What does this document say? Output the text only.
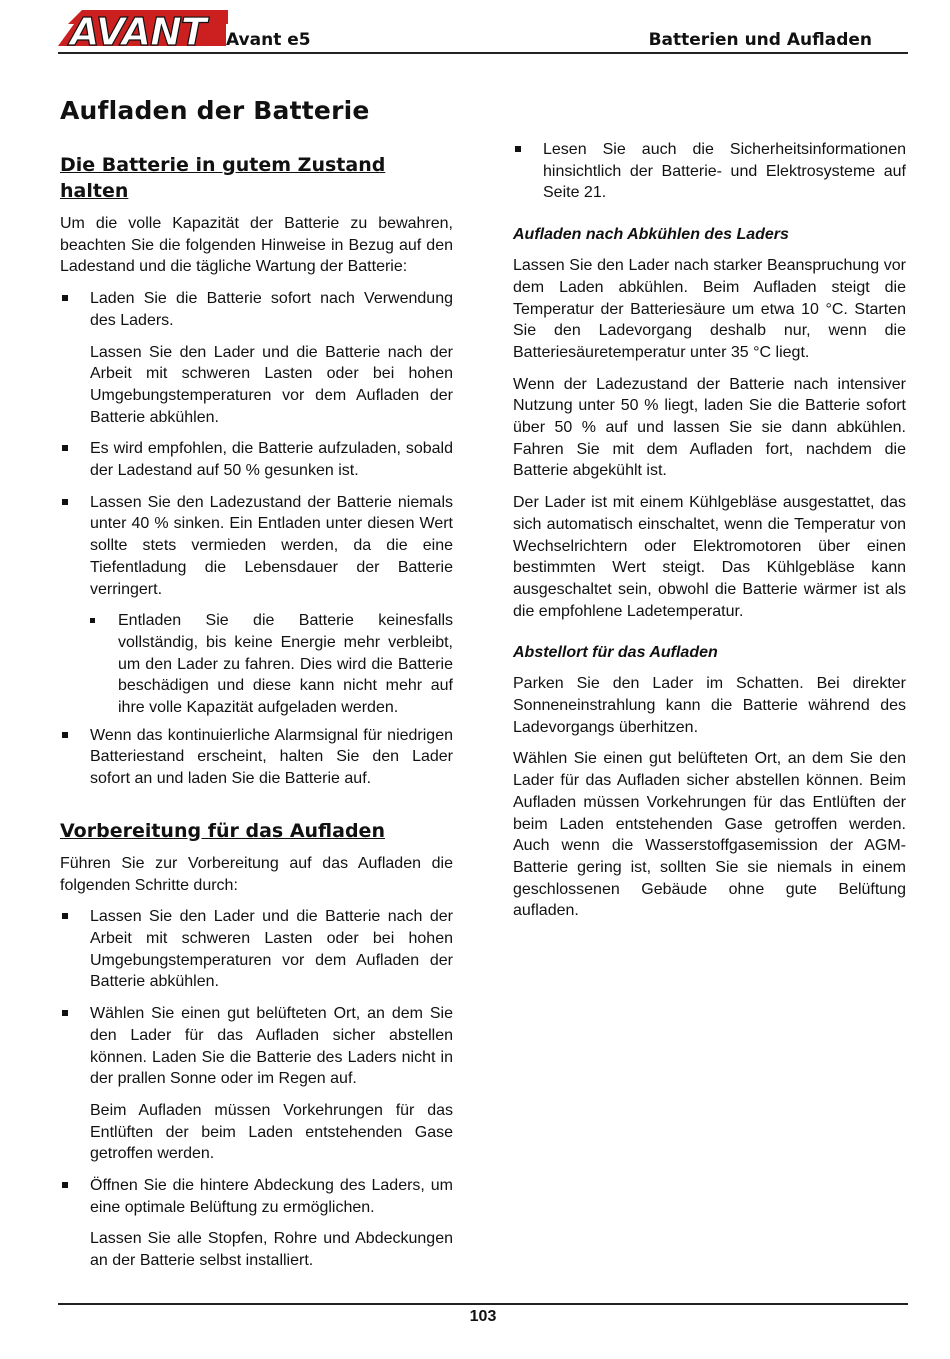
AVANT Avant e5	Batterien und Aufladen
Aufladen der Batterie
Die Batterie in gutem Zustand halten

Um die volle Kapazität der Batterie zu bewahren, beachten Sie die folgenden Hinweise in Bezug auf den Ladestand und die tägliche Wartung der Batterie:

Laden Sie die Batterie sofort nach Verwendung des Laders.

Lassen Sie den Lader und die Batterie nach der Arbeit mit schweren Lasten oder bei hohen Umgebungstemperaturen vor dem Aufladen der Batterie abkühlen.

Es wird empfohlen, die Batterie aufzuladen, sobald der Ladestand auf 50 % gesunken ist.
Lassen Sie den Ladezustand der Batterie niemals unter 40 % sinken. Ein Entladen unter diesen Wert sollte stets vermieden werden, da die eine Tiefentladung die Lebensdauer der Batterie verringert.
Entladen Sie die Batterie keinesfalls vollständig, bis keine Energie mehr verbleibt, um den Lader zu fahren. Dies wird die Batterie beschädigen und diese kann nicht mehr auf ihre volle Kapazität aufgeladen werden.
Wenn das kontinuierliche Alarmsignal für niedrigen Batteriestand erscheint, halten Sie den Lader sofort an und laden Sie die Batterie auf.
Vorbereitung für das Aufladen

Führen Sie zur Vorbereitung auf das Aufladen die folgenden Schritte durch:

Lassen Sie den Lader und die Batterie nach der Arbeit mit schweren Lasten oder bei hohen Umgebungstemperaturen vor dem Aufladen der Batterie abkühlen.
Wählen Sie einen gut belüfteten Ort, an dem Sie den Lader für das Aufladen sicher abstellen können. Laden Sie die Batterie des Laders nicht in der prallen Sonne oder im Regen auf.

Beim Aufladen müssen Vorkehrungen für das Entlüften der beim Laden entstehenden Gase getroffen werden.

Öffnen Sie die hintere Abdeckung des Laders, um eine optimale Belüftung zu ermöglichen.

Lassen Sie alle Stopfen, Rohre und Abdeckungen an der Batterie selbst installiert.

Lesen Sie auch die Sicherheitsinformationen hinsichtlich der Batterie- und Elektrosysteme auf Seite 21.
Aufladen nach Abkühlen des Laders

Lassen Sie den Lader nach starker Beanspruchung vor dem Laden abkühlen. Beim Aufladen steigt die Temperatur der Batteriesäure um etwa 10 °C. Starten Sie den Ladevorgang deshalb nur, wenn die Batteriesäuretemperatur unter 35 °C liegt.

Wenn der Ladezustand der Batterie nach intensiver Nutzung unter 50 % liegt, laden Sie die Batterie sofort über 50 % auf und lassen Sie sie dann abkühlen. Fahren Sie mit dem Aufladen fort, nachdem die Batterie abgekühlt ist.

Der Lader ist mit einem Kühlgebläse ausgestattet, das sich automatisch einschaltet, wenn die Temperatur von Wechselrichtern oder Elektromotoren über einen bestimmten Wert steigt. Das Kühlgebläse kann ausgeschaltet sein, obwohl die Batterie wärmer ist als die empfohlene Ladetemperatur.

Abstellort für das Aufladen

Parken Sie den Lader im Schatten. Bei direkter Sonneneinstrahlung kann die Batterie während des Ladevorgangs überhitzen.

Wählen Sie einen gut belüfteten Ort, an dem Sie den Lader für das Aufladen sicher abstellen können. Beim Aufladen müssen Vorkehrungen für das Entlüften der beim Laden entstehenden Gase getroffen werden. Auch wenn die Wasserstoffgasemission der AGM-Batterie gering ist, sollten Sie sie niemals in einem geschlossenen Gebäude ohne gute Belüftung aufladen.

103
